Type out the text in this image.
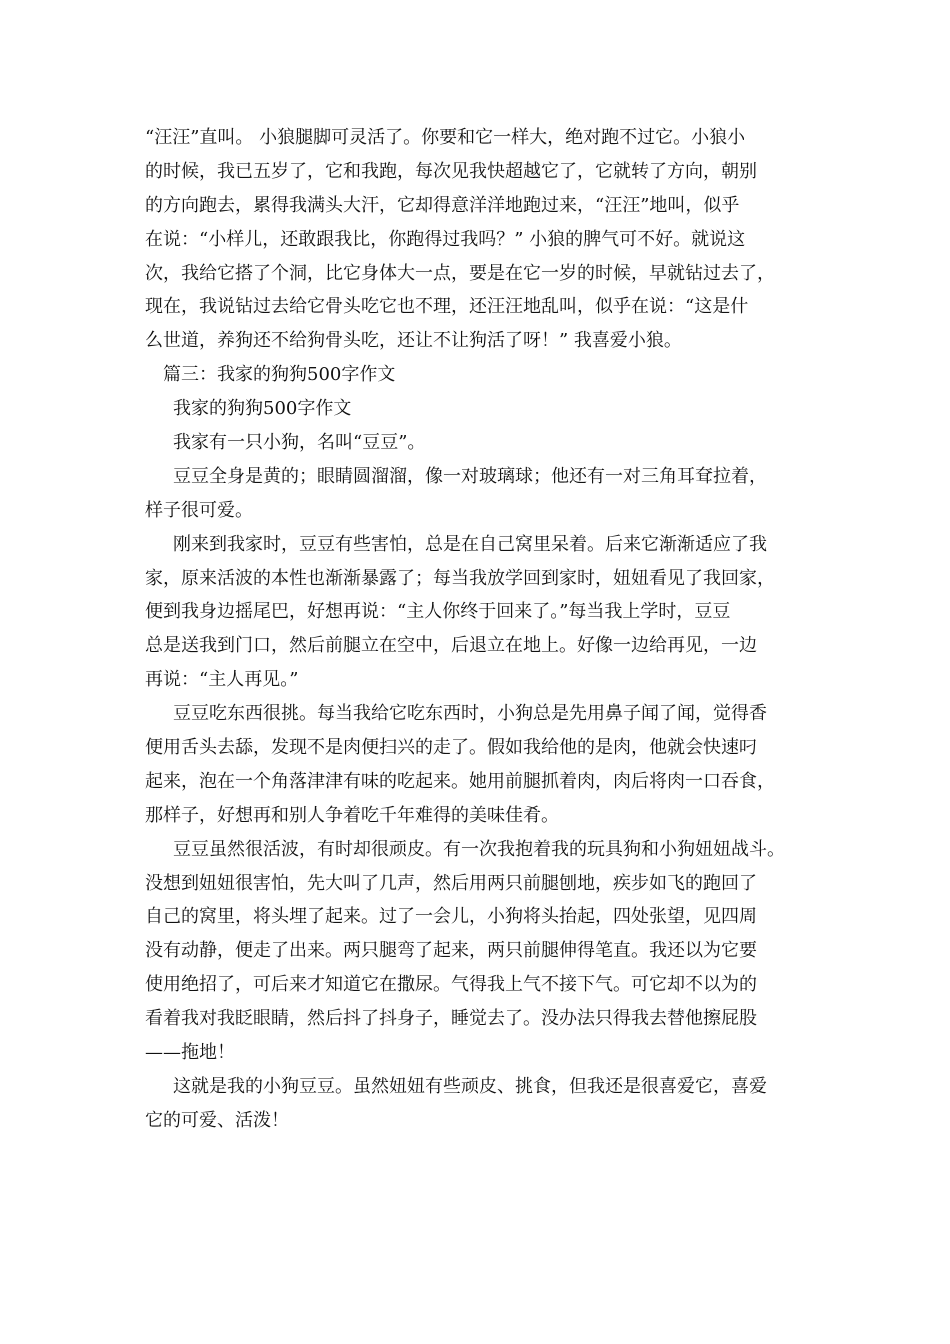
“汪汪”直叫。 小狼腿脚可灵活了。你要和它一样大，绝对跑不过它。小狼小
的时候，我已五岁了，它和我跑，每次见我快超越它了，它就转了方向，朝别
的方向跑去，累得我满头大汗，它却得意洋洋地跑过来，“汪汪”地叫，似乎
在说：“小样儿，还敢跟我比，你跑得过我吗？” 小狼的脾气可不好。就说这
次，我给它搭了个洞，比它身体大一点，要是在它一岁的时候，早就钻过去了，
现在，我说钻过去给它骨头吃它也不理，还汪汪地乱叫，似乎在说：“这是什
么世道，养狗还不给狗骨头吃，还让不让狗活了呀！” 我喜爱小狼。
篇三：我家的狗狗500字作文
我家的狗狗500字作文
我家有一只小狗，名叫“豆豆”。
豆豆全身是黄的；眼睛圆溜溜，像一对玻璃球；他还有一对三角耳耷拉着，
样子很可爱。
刚来到我家时，豆豆有些害怕，总是在自己窝里呆着。后来它渐渐适应了我
家，原来活波的本性也渐渐暴露了；每当我放学回到家时，妞妞看见了我回家，
便到我身边摇尾巴，好想再说：“主人你终于回来了。”每当我上学时，豆豆
总是送我到门口，然后前腿立在空中，后退立在地上。好像一边给再见，一边
再说：“主人再见。”
豆豆吃东西很挑。每当我给它吃东西时，小狗总是先用鼻子闻了闻，觉得香
便用舌头去舔，发现不是肉便扫兴的走了。假如我给他的是肉，他就会快速叼
起来，泡在一个角落津津有味的吃起来。她用前腿抓着肉，肉后将肉一口吞食，
那样子，好想再和别人争着吃千年难得的美味佳肴。
豆豆虽然很活波，有时却很顽皮。有一次我抱着我的玩具狗和小狗妞妞战斗。
没想到妞妞很害怕，先大叫了几声，然后用两只前腿刨地，疾步如飞的跑回了
自己的窝里，将头埋了起来。过了一会儿，小狗将头抬起，四处张望，见四周
没有动静，便走了出来。两只腿弯了起来，两只前腿伸得笔直。我还以为它要
使用绝招了，可后来才知道它在撒尿。气得我上气不接下气。可它却不以为的
看着我对我眨眼睛，然后抖了抖身子，睡觉去了。没办法只得我去替他擦屁股
——拖地！
这就是我的小狗豆豆。虽然妞妞有些顽皮、挑食，但我还是很喜爱它，喜爱
它的可爱、活泼！
